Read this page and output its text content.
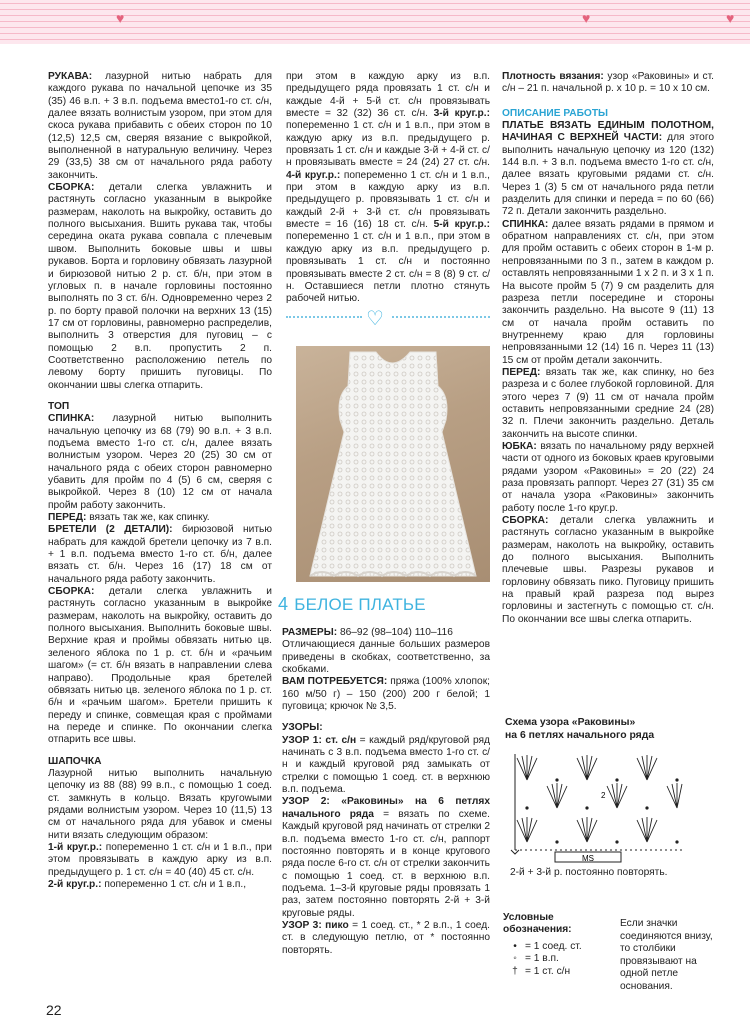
♥	♥	♥

РУКАВА: лазурной нитью набрать для каждого рукава по начальной цепочке из 35 (35) 46 в.п. + 3 в.п. подъема вместо1-го ст. с/н, далее вязать волнистым узором, при этом для скоса рукава прибавить с обеих сторон по 10 (12,5) 12,5 см, сверяя вязание с выкройкой, выполненной в натуральную величину. Через 29 (33,5) 38 см от начального ряда работу закончить.

СБОРКА: детали слегка увлажнить и растянуть согласно указанным в выкройке размерам, наколоть на выкройку, оставить до полного высыхания. Вшить рукава так, чтобы середина оката рукава совпала с плечевым швом. Выполнить боковые швы и швы рукавов. Борта и горловину обвязать лазурной и бирюзовой нитью 2 р. ст. б/н, при этом в угловых п. в начале горловины постоянно выполнять по 3 ст. б/н. Одновременно через 2 р. по борту правой полочки на верхних 13 (15) 17 см от горловины, равномерно распределив, выполнить 3 отверстия для пуговиц – с помощью 2 в.п. пропустить 2 п. Соответственно расположению петель по левому борту пришить пуговицы. По окончании швы слегка отпарить.

ТОП

СПИНКА: лазурной нитью выполнить начальную цепочку из 68 (79) 90 в.п. + 3 в.п. подъема вместо 1-го ст. с/н, далее вязать волнистым узором. Через 20 (25) 30 см от начального ряда с обеих сторон равномерно убавить для пройм по 4 (5) 6 см, сверяя с выкройкой. Через 8 (10) 12 см от начала пройм работу закончить.

ПЕРЕД: вязать так же, как спинку.

БРЕТЕЛИ (2 ДЕТАЛИ): бирюзовой нитью набрать для каждой бретели цепочку из 7 в.п. + 1 в.п. подъема вместо 1-го ст. б/н, далее вязать ст. б/н. Через 16 (17) 18 см от начального ряда работу закончить.

СБОРКА: детали слегка увлажнить и растянуть согласно указанным в выкройке размерам, наколоть на выкройку, оставить до полного высыхания. Выполнить боковые швы. Верхние края и проймы обвязать нитью цв. зеленого яблока по 1 р. ст. б/н и «рачьим шагом» (= ст. б/н вязать в направлении слева направо). Продольные края бретелей обвязать нитью цв. зеленого яблока по 1 р. ст. б/н и «рачьим шагом». Бретели пришить к переду и спинке, совмещая края с проймами на переде и спинке. По окончании слегка отпарить все швы.

ШАПОЧКА

Лазурной нитью выполнить начальную цепочку из 88 (88) 99 в.п., с помощью 1 соед. ст. замкнуть в кольцо. Вязать кругowыми рядами волнистым узором. Через 10 (11,5) 13 см от начального ряда для убавок и смены нити вязать следующим образом:

1-й круг.р.: попеременно 1 ст. с/н и 1 в.п., при этом провязывать в каждую арку из в.п. предыдущего р. 1 ст. с/н = 40 (40) 45 ст. с/н.

2-й круг.р.: попеременно 1 ст. с/н и 1 в.п.,

при этом в каждую арку из в.п. предыдущего ряда провязать 1 ст. с/н и каждые 4-й + 5-й ст. с/н провязывать вместе = 32 (32) 36 ст. с/н. 3-й круг.р.: попеременно 1 ст. с/н и 1 в.п., при этом в каждую арку из в.п. предыдущего р. провязать 1 ст. с/н и каждые 3-й + 4-й ст. с/н провязывать вместе = 24 (24) 27 ст. с/н. 4-й круг.р.: попеременно 1 ст. с/н и 1 в.п., при этом в каждую арку из в.п. предыдущего р. провязывать 1 ст. с/н и каждый 2-й + 3-й ст. с/н провязывать вместе = 16 (16) 18 ст. с/н. 5-й круг.р.: попеременно 1 ст. с/н и 1 в.п., при этом в каждую арку из в.п. предыдущего р. провязывать 1 ст. с/н и постоянно провязывать вместе 2 ст. с/н = 8 (8) 9 ст. с/н. Оставшиеся петли плотно стянуть рабочей нитью.

♡
4 БЕЛОЕ ПЛАТЬЕ

РАЗМЕРЫ: 86–92 (98–104) 110–116

Отличающиеся данные больших размеров приведены в скобках, соответственно, за скобками.

ВАМ ПОТРЕБУЕТСЯ: пряжа (100% хлопок; 160 м/50 г) – 150 (200) 200 г белой; 1 пуговица; крючок № 3,5.

УЗОРЫ:

УЗОР 1: ст. с/н = каждый ряд/круговой ряд начинать с 3 в.п. подъема вместо 1-го ст. с/н и каждый круговой ряд замыкать от стрелки с помощью 1 соед. ст. в верхнюю в.п. подъема.

УЗОР 2: «Раковины» на 6 петлях начального ряда = вязать по схеме. Каждый круговой ряд начинать от стрелки 2 в.п. подъема вместо 1-го ст. с/н, раппорт постоянно повторять и в конце кругового ряда после 6-го ст. с/н от стрелки закончить с помощью 1 соед. ст. в верхнюю в.п. подъема. 1–3-й круговые ряды провязать 1 раз, затем постоянно повторять 2-й + 3-й круговые ряды.

УЗОР 3: пико = 1 соед. ст., * 2 в.п., 1 соед. ст. в следующую петлю, от * постоянно повторять.

Плотность вязания: узор «Раковины» и ст. с/н – 21 п. начальной р. х 10 р. = 10 х 10 см.

ОПИСАНИЕ РАБОТЫ

ПЛАТЬЕ ВЯЗАТЬ ЕДИНЫМ ПОЛОТНОМ, НАЧИНАЯ С ВЕРХНЕЙ ЧАСТИ: для этого выполнить начальную цепочку из 120 (132) 144 в.п. + 3 в.п. подъема вместо 1-го ст. с/н, далее вязать круговыми рядами ст. с/н. Через 1 (3) 5 см от начального ряда петли разделить для спинки и переда = по 60 (66) 72 п. Детали закончить раздельно.

СПИНКА: далее вязать рядами в прямом и обратном направлениях ст. с/н, при этом для пройм оставить с обеих сторон в 1-м р. непровязанными по 3 п., затем в каждом р. оставлять непровязанными 1 х 2 п. и 3 х 1 п. На высоте пройм 5 (7) 9 см разделить для разреза петли посередине и стороны закончить раздельно. На высоте 9 (11) 13 см от начала пройм оставить по внутреннему краю для горловины непровязанными 12 (14) 16 п. Через 11 (13) 15 см от пройм детали закончить.

ПЕРЕД: вязать так же, как спинку, но без разреза и с более глубокой горловиной. Для этого через 7 (9) 11 см от начала пройм оставить непровязанными средние 24 (28) 32 п. Плечи закончить раздельно. Деталь закончить на высоте спинки.

ЮБКА: вязать по начальному ряду верхней части от одного из боковых краев круговыми рядами узором «Раковины» = 20 (22) 24 раза провязать раппорт. Через 27 (31) 35 см от начала узора «Раковины» закончить работу после 1-го круг.р.

СБОРКА: детали слегка увлажнить и растянуть согласно указанным в выкройке размерам, наколоть на выкройку, оставить до полного высыхания. Выполнить плечевые швы. Разрезы рукавов и горловину обвязать пико. Пуговицу пришить на правый край разреза под вырез горловины и застегнуть с помощью ст. с/н. По окончании все швы слегка отпарить.

Схема узора «Раковины»
на 6 петлях начального ряда
MS
2
2-й + 3-й р. постоянно повторять.
Условные
обозначения:
• = 1 соед. ст.
◦ = 1 в.п.
† = 1 ст. с/н
Если значки соединяются внизу, то столбики провязывают на одной петле основания.
22
